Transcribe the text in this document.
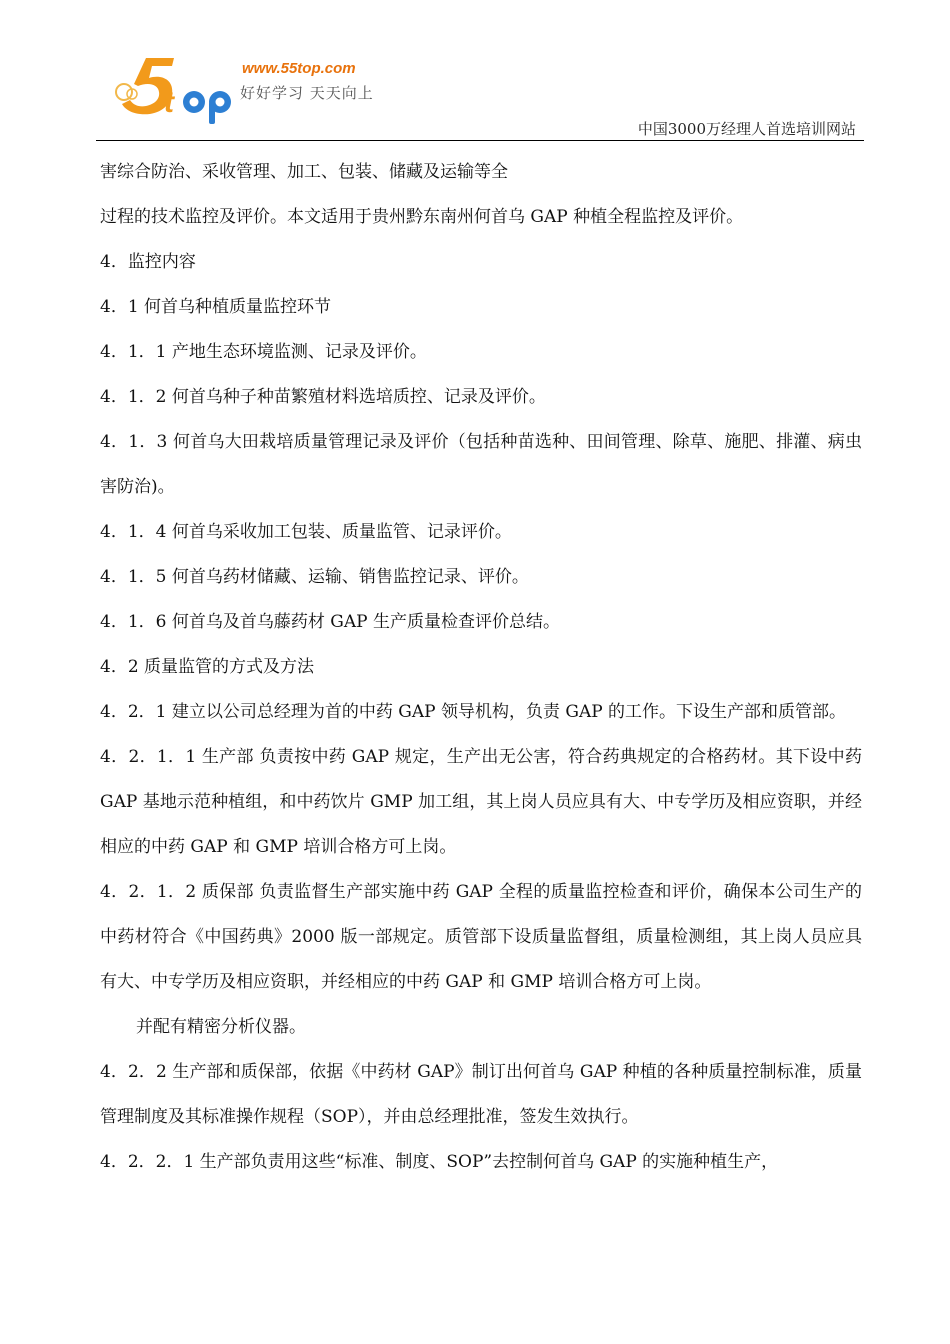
t
www.55top.com
好好学习 天天向上
中国3000万经理人首选培训网站

害综合防治、采收管理、加工、包装、储藏及运输等全

过程的技术监控及评价。本文适用于贵州黔东南州何首乌 GAP 种植全程监控及评价。

4．监控内容

4．1 何首乌种植质量监控环节

4．1．1 产地生态环境监测、记录及评价。

4．1．2 何首乌种子种苗繁殖材料选培质控、记录及评价。

4．1．3 何首乌大田栽培质量管理记录及评价（包括种苗选种、田间管理、除草、施肥、排灌、病虫害防治)。

4．1．4 何首乌采收加工包装、质量监管、记录评价。

4．1．5 何首乌药材储藏、运输、销售监控记录、评价。

4．1．6 何首乌及首乌藤药材 GAP 生产质量检查评价总结。

4．2 质量监管的方式及方法

4．2．1 建立以公司总经理为首的中药 GAP 领导机构，负责 GAP 的工作。下设生产部和质管部。

4．2．1．1 生产部 负责按中药 GAP 规定，生产出无公害，符合药典规定的合格药材。其下设中药 GAP 基地示范种植组，和中药饮片 GMP 加工组，其上岗人员应具有大、中专学历及相应资职，并经相应的中药 GAP 和 GMP 培训合格方可上岗。

4．2．1．2 质保部 负责监督生产部实施中药 GAP 全程的质量监控检查和评价，确保本公司生产的中药材符合《中国药典》2000 版一部规定。质管部下设质量监督组，质量检测组，其上岗人员应具有大、中专学历及相应资职，并经相应的中药 GAP 和 GMP 培训合格方可上岗。

并配有精密分析仪器。

4．2．2 生产部和质保部，依据《中药材 GAP》制订出何首乌 GAP 种植的各种质量控制标准，质量管理制度及其标准操作规程（SOP），并由总经理批准，签发生效执行。

4．2．2．1 生产部负责用这些“标准、制度、SOP”去控制何首乌 GAP 的实施种植生产，
